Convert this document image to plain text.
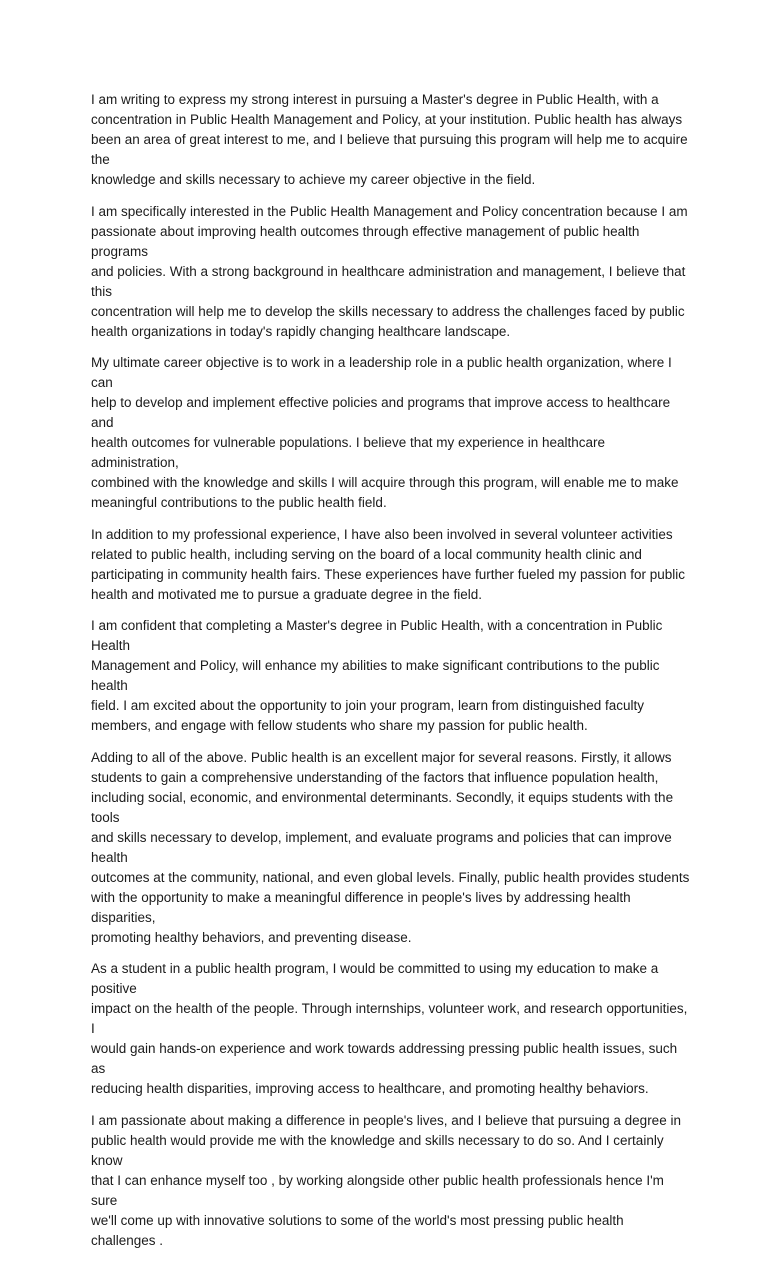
I am writing to express my strong interest in pursuing a Master's degree in Public Health, with a
concentration in Public Health Management and Policy, at your institution. Public health has always
been an area of great interest to me, and I believe that pursuing this program will help me to acquire the
knowledge and skills necessary to achieve my career objective in the field.

I am specifically interested in the Public Health Management and Policy concentration because I am
passionate about improving health outcomes through effective management of public health programs
and policies. With a strong background in healthcare administration and management, I believe that this
concentration will help me to develop the skills necessary to address the challenges faced by public
health organizations in today's rapidly changing healthcare landscape.

My ultimate career objective is to work in a leadership role in a public health organization, where I can
help to develop and implement effective policies and programs that improve access to healthcare and
health outcomes for vulnerable populations. I believe that my experience in healthcare administration,
combined with the knowledge and skills I will acquire through this program, will enable me to make
meaningful contributions to the public health field.

In addition to my professional experience, I have also been involved in several volunteer activities
related to public health, including serving on the board of a local community health clinic and
participating in community health fairs. These experiences have further fueled my passion for public
health and motivated me to pursue a graduate degree in the field.

I am confident that completing a Master's degree in Public Health, with a concentration in Public Health
Management and Policy, will enhance my abilities to make significant contributions to the public health
field. I am excited about the opportunity to join your program, learn from distinguished faculty
members, and engage with fellow students who share my passion for public health.

Adding to all of the above. Public health is an excellent major for several reasons. Firstly, it allows
students to gain a comprehensive understanding of the factors that influence population health,
including social, economic, and environmental determinants. Secondly, it equips students with the tools
and skills necessary to develop, implement, and evaluate programs and policies that can improve health
outcomes at the community, national, and even global levels. Finally, public health provides students
with the opportunity to make a meaningful difference in people's lives by addressing health disparities,
promoting healthy behaviors, and preventing disease.

As a student in a public health program, I would be committed to using my education to make a positive
impact on the health of the people. Through internships, volunteer work, and research opportunities, I
would gain hands-on experience and work towards addressing pressing public health issues, such as
reducing health disparities, improving access to healthcare, and promoting healthy behaviors.

I am passionate about making a difference in people's lives, and I believe that pursuing a degree in
public health would provide me with the knowledge and skills necessary to do so. And I certainly know
that I can enhance myself too , by working alongside other public health professionals hence I'm sure
we'll come up with innovative solutions to some of the world's most pressing public health challenges .
